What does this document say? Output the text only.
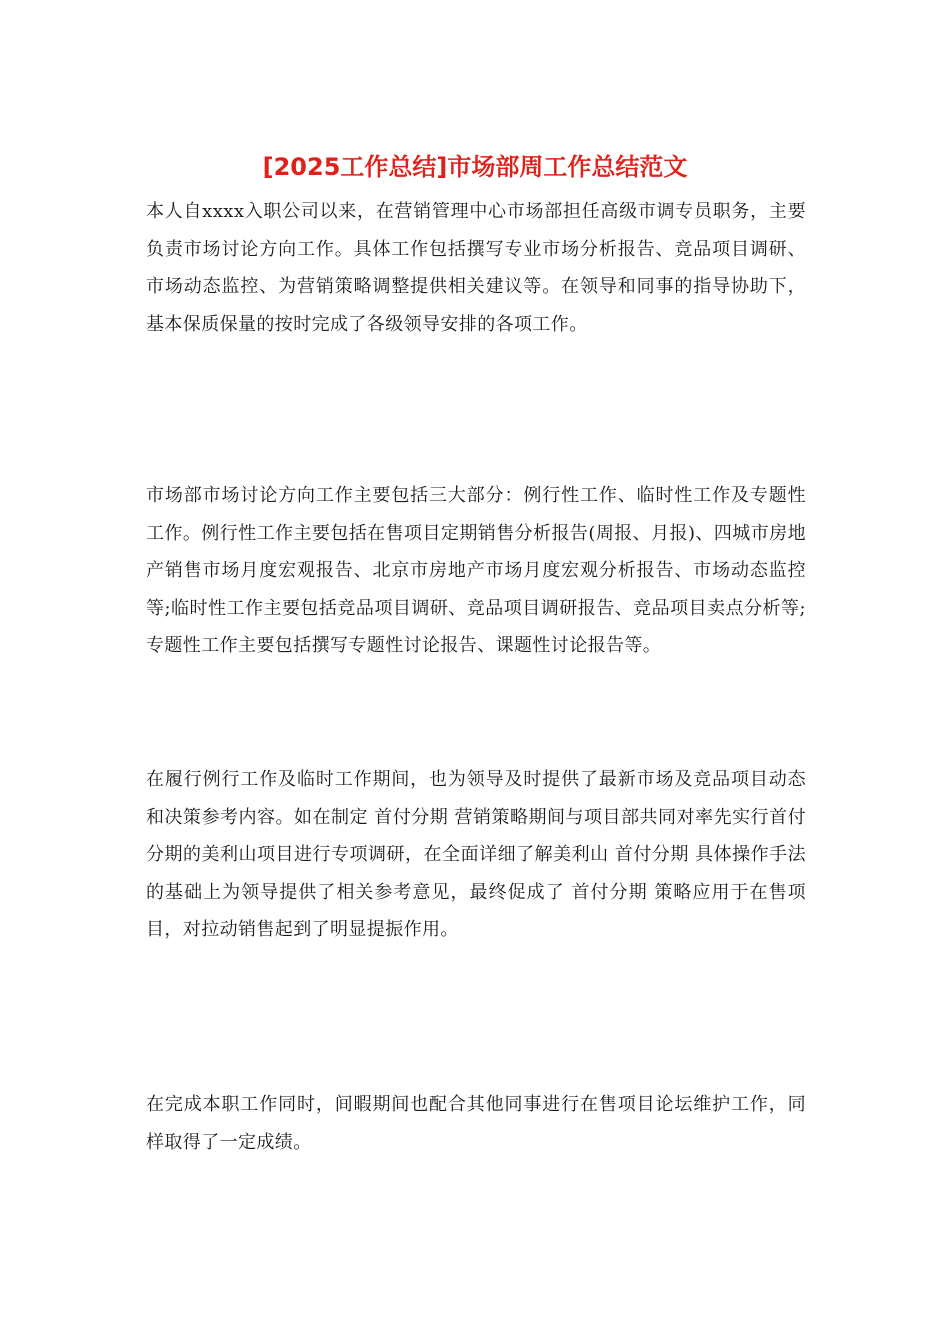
[2025工作总结]市场部周工作总结范文

本人自xxxx入职公司以来，在营销管理中心市场部担任高级市调专员职务，主要负责市场讨论方向工作。具体工作包括撰写专业市场分析报告、竞品项目调研、市场动态监控、为营销策略调整提供相关建议等。在领导和同事的指导协助下，基本保质保量的按时完成了各级领导安排的各项工作。

市场部市场讨论方向工作主要包括三大部分：例行性工作、临时性工作及专题性工作。例行性工作主要包括在售项目定期销售分析报告(周报、月报)、四城市房地产销售市场月度宏观报告、北京市房地产市场月度宏观分析报告、市场动态监控等;临时性工作主要包括竞品项目调研、竞品项目调研报告、竞品项目卖点分析等;专题性工作主要包括撰写专题性讨论报告、课题性讨论报告等。

在履行例行工作及临时工作期间，也为领导及时提供了最新市场及竞品项目动态和决策参考内容。如在制定 首付分期 营销策略期间与项目部共同对率先实行首付分期的美利山项目进行专项调研，在全面详细了解美利山 首付分期 具体操作手法的基础上为领导提供了相关参考意见，最终促成了 首付分期 策略应用于在售项目，对拉动销售起到了明显提振作用。

在完成本职工作同时，间暇期间也配合其他同事进行在售项目论坛维护工作，同样取得了一定成绩。
